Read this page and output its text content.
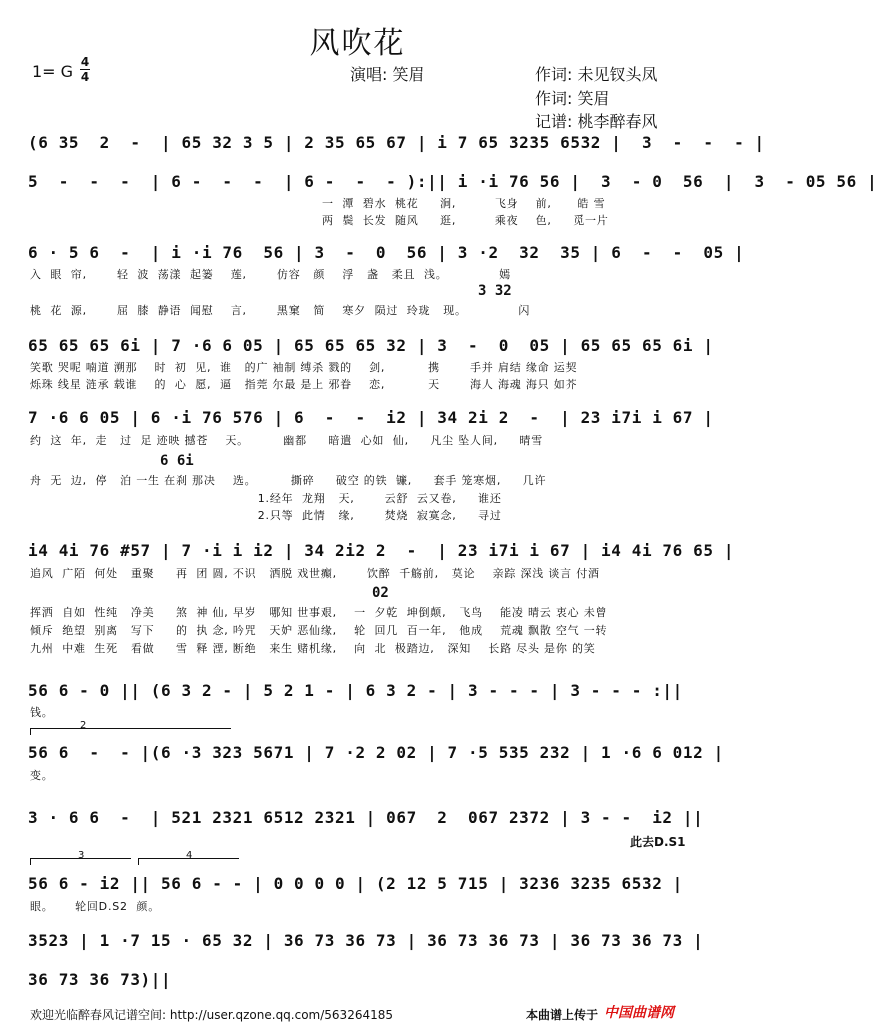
风吹花
1= G 4
4	演唱: 笑眉	作词: 未见钗头凤
作词: 笑眉
记谱: 桃李醉春风
(6 35  2  -  | 65 32 3 5 | 2 35 65 67 | i 7 65 3235 6532 |  3  -  -  - |
5  -  -  -  | 6 -  -  -  | 6 -  -  - ):|| i ·i 76 56 |  3  - 0  56  |  3  - 05 56 |
一  潭  碧水  桃花     涧,         飞身    前,      皓 雪
两  鬓  长发  随风     逛,         乘夜    色,     觅一片
6 · 5 6  -  | i ·i 76  56 | 3  -  0  56 | 3 ·2  32  35 | 6  -  -  05 |
入  眼  帘,       轻  波  荡漾  起篓    莲,       仿容   颜    浮   盏   柔且  浅。            嫣
3 32
桃  花  源,       屈  膝  静语  闻慰    言,       黑窠   简    寒夕  陨过  玲珑   现。            闪
65 65 65 6i | 7 ·6 6 05 | 65 65 65 32 | 3  -  0  05 | 65 65 65 6i |
笑歌 哭呢 喃道 溯那    时  初  见,  谁   的广 袖制 缚杀 戮的    剑,          携       手并 肩结 缘命 运契
烁珠 线星 涟承 载谁    的  心  愿,  逼   指莞 尔最 是上 邪眷    恋,          天       海人 海魂 海只 如芥
7 ·6 6 05 | 6 ·i 76 576 | 6  -  -  i2 | 34 2i 2  -  | 23 i7i i 67 |
约  这  年,  走   过  足 迹映 撼苍    天。        幽都     暗遣  心如  仙,     凡尘 坠人间,     晴雪
6 6i
舟  无  边,  停   泊 一生 在刹 那决    选。        撕碎     破空 的铁  镰,     套手 笼寒烟,     几许
1.经年  龙翔   天,       云舒  云又卷,     谁还
2.只等  此情   缘,       焚烧  寂寞念,     寻过
i4 4i 76 #57 | 7 ·i i i2 | 34 2i2 2  -  | 23 i7i i 67 | i4 4i 76 65 |
追风  广陌  何处   重聚     再  团 圆, 不识   洒脱 戏世癫,       饮醉  千觞前,   莫论    亲踪 深浅 谈言 付酒
02
挥洒  自如  性纯   净美     煞  神 仙, 早岁   哪知 世事艰,    一  夕乾  坤倒颠,   飞鸟    能凌 晴云 衷心 未曾
倾斥  绝望  别离   写下     的  执 念, 吟咒   天妒 恶仙缘,    轮  回几  百一年,   他成    荒魂 飘散 空气 一转
九州  中难  生死   看做     雪  释 湮, 断绝   来生 赌机缘,    向  北  极踏边,   深知    长路 尽头 是你 的笑
56 6 - 0 || (6 3 2 - | 5 2 1 - | 6 3 2 - | 3 - - - | 3 - - - :||
钱。
2
56 6  -  - |(6 ·3 323 5671 | 7 ·2 2 02 | 7 ·5 535 232 | 1 ·6 6 012 |
变。
3 · 6 6  -  | 521 2321 6512 2321 | 067  2  067 2372 | 3 - -  i2 ||
此去D.S1
3	4
56 6 - i2 || 56 6 - - | 0 0 0 0 | (2 12 5 715 | 3236 3235 6532 |
眼。     轮回D.S2  颜。
3523 | 1 ·7 15 · 65 32 | 36 73 36 73 | 36 73 36 73 | 36 73 36 73 |
36 73 36 73)||
欢迎光临醉春风记谱空间: http://user.qzone.qq.com/563264185	本曲谱上传于 中国曲谱网
